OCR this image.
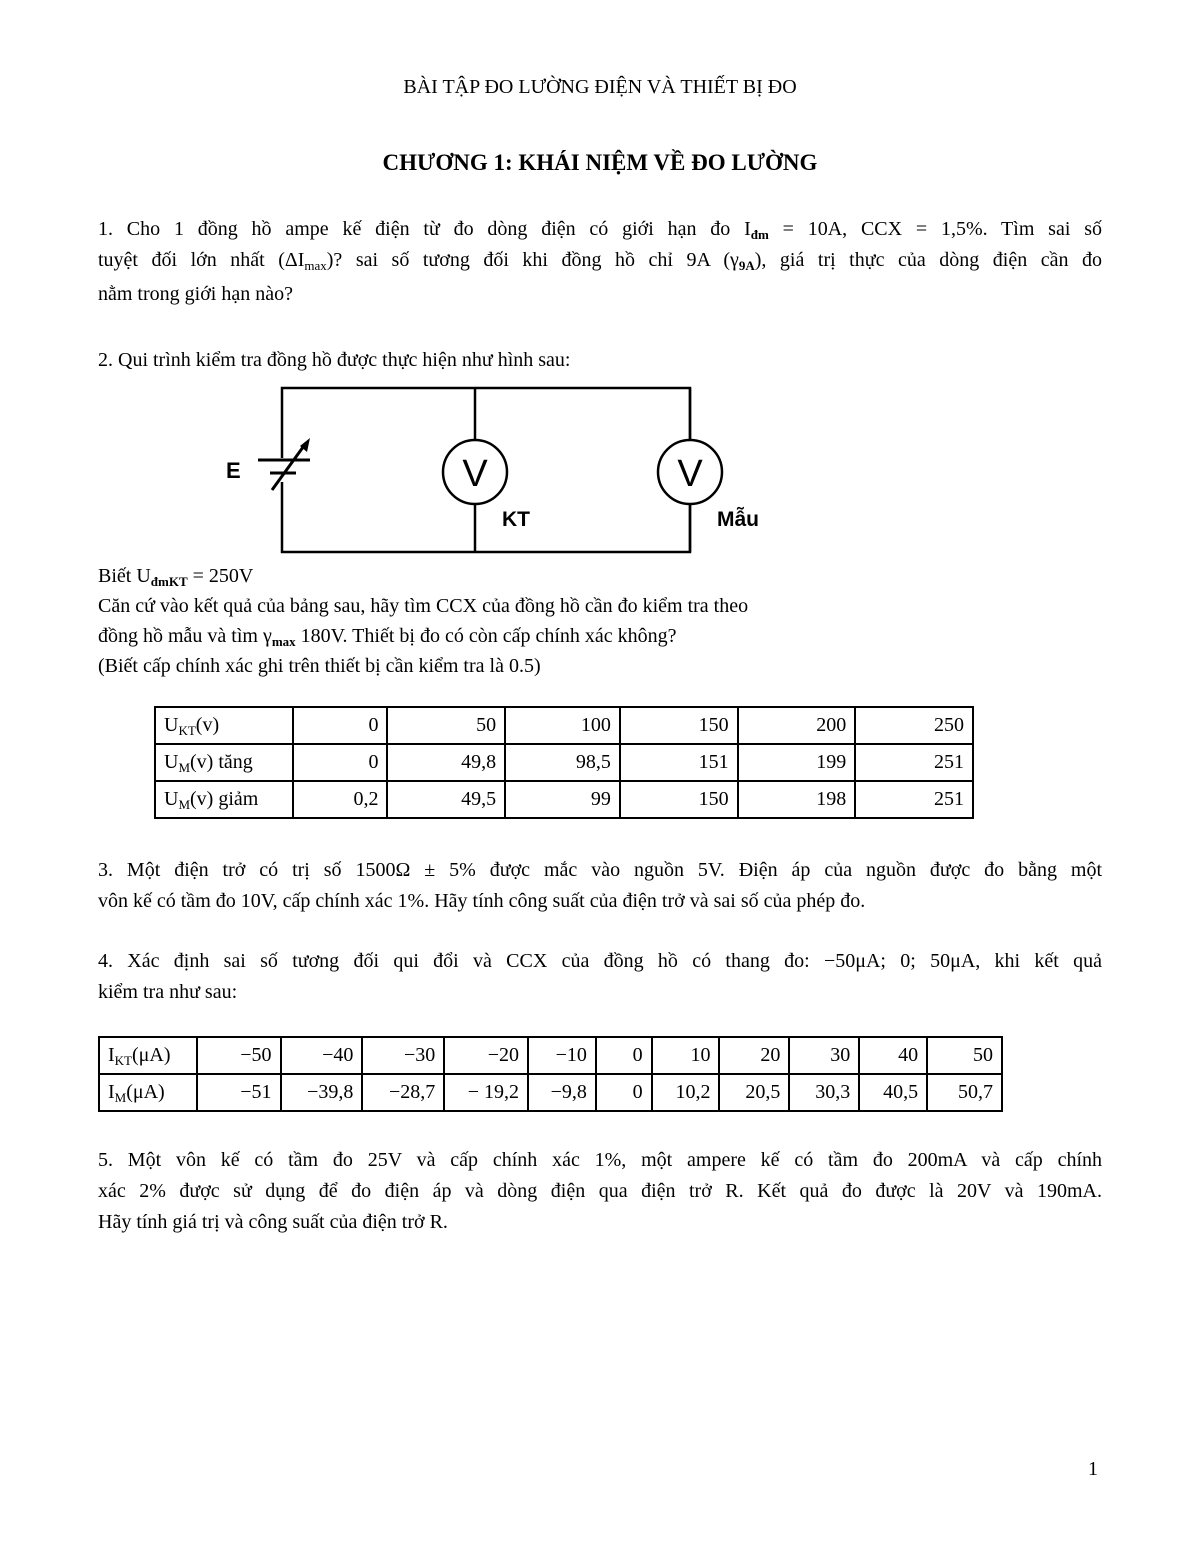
BÀI TẬP ĐO LƯỜNG ĐIỆN VÀ THIẾT BỊ ĐO
CHƯƠNG 1: KHÁI NIỆM VỀ ĐO LƯỜNG
1. Cho 1 đồng hồ ampe kế điện từ đo dòng điện có giới hạn đo $I_{đm} = 10A$, CCX = 1,5%. Tìm sai số
tuyệt đối lớn nhất $(\Delta I_{max})$? sai số tương đối khi đồng hồ chỉ 9A $(\gamma_{9A})$, giá trị thực của dòng điện cần đo
nằm trong giới hạn nào?
2. Qui trình kiểm tra đồng hồ được thực hiện như hình sau:
E	V	V
KT	Mẫu
Biết $U_{đmKT} = 250V$
Căn cứ vào kết quả của bảng sau, hãy tìm CCX của đồng hồ cần đo kiểm tra theo
đồng hồ mẫu và tìm $\gamma_{max}$ 180V. Thiết bị đo có còn cấp chính xác không?
(Biết cấp chính xác ghi trên thiết bị cần kiểm tra là 0.5)
$U_{KT}(v)$	0	50	100	150	200	250
$U_M(v)$ tăng	0	49,8	98,5	151	199	251
$U_M(v)$ giảm	0,2	49,5	99	150	198	251
3. Một điện trở có trị số 1500Ω ± 5% được mắc vào nguồn 5V. Điện áp của nguồn được đo bằng một
vôn kế có tầm đo 10V, cấp chính xác 1%. Hãy tính công suất của điện trở và sai số của phép đo.
4. Xác định sai số tương đối qui đổi và CCX của đồng hồ có thang đo: −50μA; 0; 50μA, khi kết quả
kiểm tra như sau:
$I_{KT}(\mu A)$	−50	−40	−30	−20	−10	0	10	20	30	40	50
$I_M(\mu A)$	−51	−39,8	−28,7	− 19,2	−9,8	0	10,2	20,5	30,3	40,5	50,7
5. Một vôn kế có tầm đo 25V và cấp chính xác 1%, một ampere kế có tầm đo 200mA và cấp chính
xác 2% được sử dụng để đo điện áp và dòng điện qua điện trở R. Kết quả đo được là 20V và 190mA.
Hãy tính giá trị và công suất của điện trở R.
1
